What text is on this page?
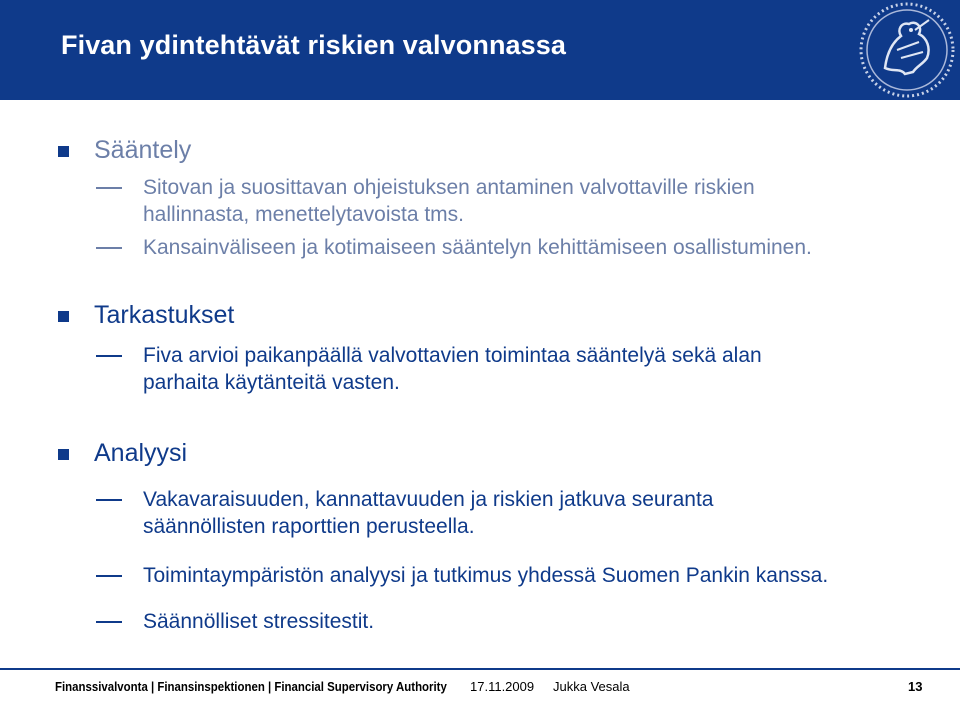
Fivan ydintehtävät riskien valvonnassa
Sääntely
Sitovan ja suosittavan ohjeistuksen antaminen valvottaville riskien
hallinnasta, menettelytavoista tms.
Kansainväliseen ja kotimaiseen sääntelyn kehittämiseen osallistuminen.
Tarkastukset
Fiva arvioi paikanpäällä valvottavien toimintaa sääntelyä sekä alan
parhaita käytänteitä vasten.
Analyysi
Vakavaraisuuden, kannattavuuden ja riskien jatkuva seuranta
säännöllisten raporttien perusteella.
Toimintaympäristön analyysi ja tutkimus yhdessä Suomen Pankin kanssa.
Säännölliset stressitestit.
Finanssivalvonta | Finansinspektionen | Financial Supervisory Authority 17.11.2009 Jukka Vesala	13
